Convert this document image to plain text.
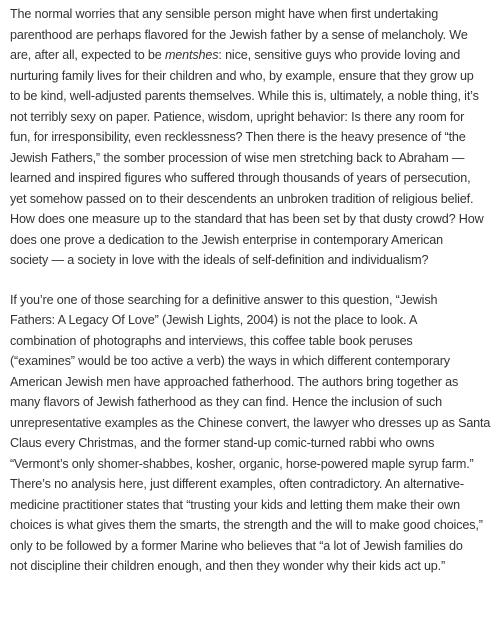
The normal worries that any sensible person might have when first undertaking
parenthood are perhaps flavored for the Jewish father by a sense of melancholy. We
are, after all, expected to be mentshes: nice, sensitive guys who provide loving and
nurturing family lives for their children and who, by example, ensure that they grow up
to be kind, well-adjusted parents themselves. While this is, ultimately, a noble thing, it’s
not terribly sexy on paper. Patience, wisdom, upright behavior: Is there any room for
fun, for irresponsibility, even recklessness? Then there is the heavy presence of “the
Jewish Fathers,” the somber procession of wise men stretching back to Abraham —
learned and inspired figures who suffered through thousands of years of persecution,
yet somehow passed on to their descendents an unbroken tradition of religious belief.
How does one measure up to the standard that has been set by that dusty crowd? How
does one prove a dedication to the Jewish enterprise in contemporary American
society — a society in love with the ideals of self-definition and individualism?

If you’re one of those searching for a definitive answer to this question, “Jewish
Fathers: A Legacy Of Love” (Jewish Lights, 2004) is not the place to look. A
combination of photographs and interviews, this coffee table book peruses
(“examines” would be too active a verb) the ways in which different contemporary
American Jewish men have approached fatherhood. The authors bring together as
many flavors of Jewish fatherhood as they can find. Hence the inclusion of such
unrepresentative examples as the Chinese convert, the lawyer who dresses up as Santa
Claus every Christmas, and the former stand-up comic-turned rabbi who owns
“Vermont’s only shomer-shabbes, kosher, organic, horse-powered maple syrup farm.”
There’s no analysis here, just different examples, often contradictory. An alternative-
medicine practitioner states that “trusting your kids and letting them make their own
choices is what gives them the smarts, the strength and the will to make good choices,”
only to be followed by a former Marine who believes that “a lot of Jewish families do
not discipline their children enough, and then they wonder why their kids act up.”
